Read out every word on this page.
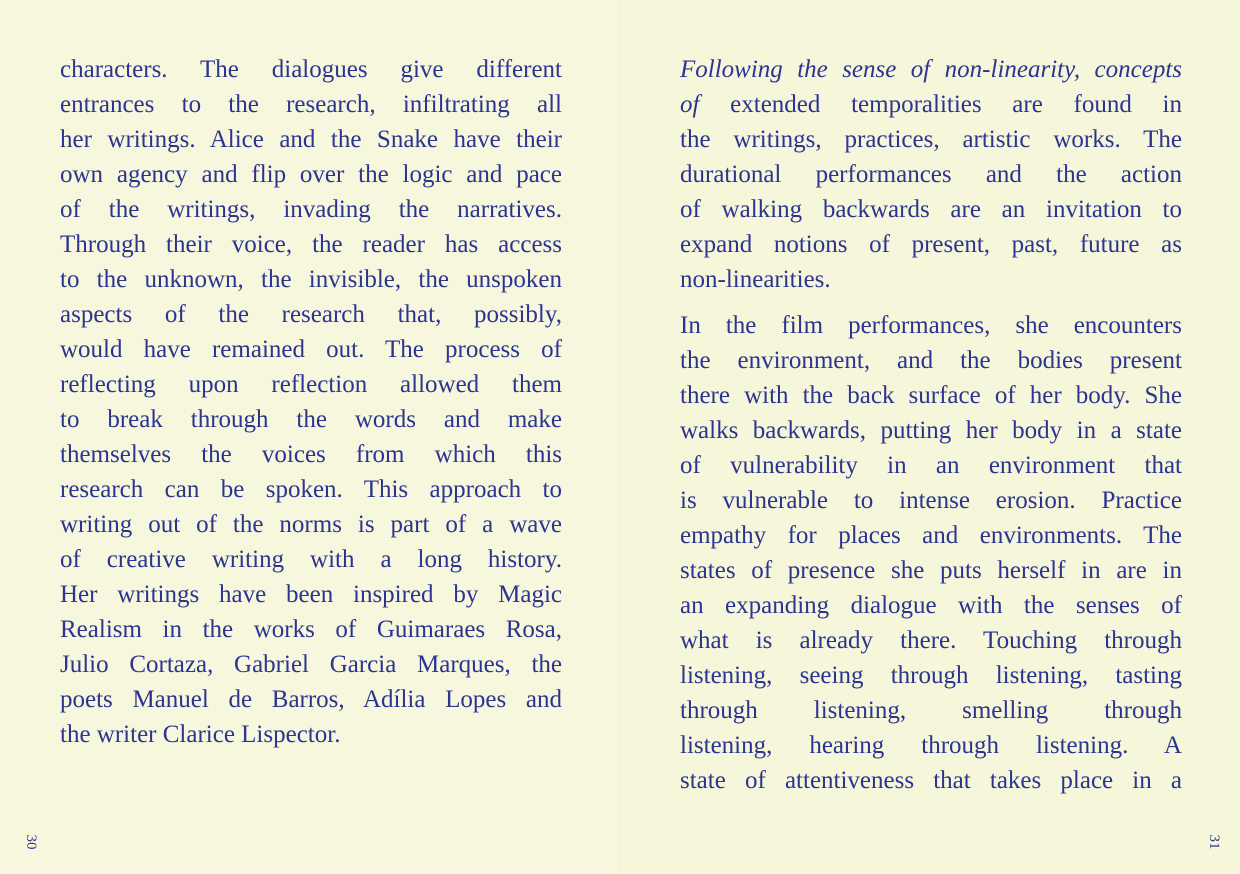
characters. The dialogues give different
entrances to the research, infiltrating all
her writings. Alice and the Snake have their
own agency and flip over the logic and pace
of the writings, invading the narratives.
Through their voice, the reader has access
to the unknown, the invisible, the unspoken
aspects of the research that, possibly,
would have remained out. The process of
reflecting upon reflection allowed them
to break through the words and make
themselves the voices from which this
research can be spoken. This approach to
writing out of the norms is part of a wave
of creative writing with a long history.
Her writings have been inspired by Magic
Realism in the works of Guimaraes Rosa,
Julio Cortaza, Gabriel Garcia Marques, the
poets Manuel de Barros, Adília Lopes and
the writer Clarice Lispector.

Following the sense of non-linearity, concepts
of extended temporalities are found in
the writings, practices, artistic works. The
durational performances and the action
of walking backwards are an invitation to
expand notions of present, past, future as
non-linearities.

In the film performances, she encounters
the environment, and the bodies present
there with the back surface of her body. She
walks backwards, putting her body in a state
of vulnerability in an environment that
is vulnerable to intense erosion. Practice
empathy for places and environments. The
states of presence she puts herself in are in
an expanding dialogue with the senses of
what is already there. Touching through
listening, seeing through listening, tasting
through listening, smelling through
listening, hearing through listening. A
state of attentiveness that takes place in a

30	31
